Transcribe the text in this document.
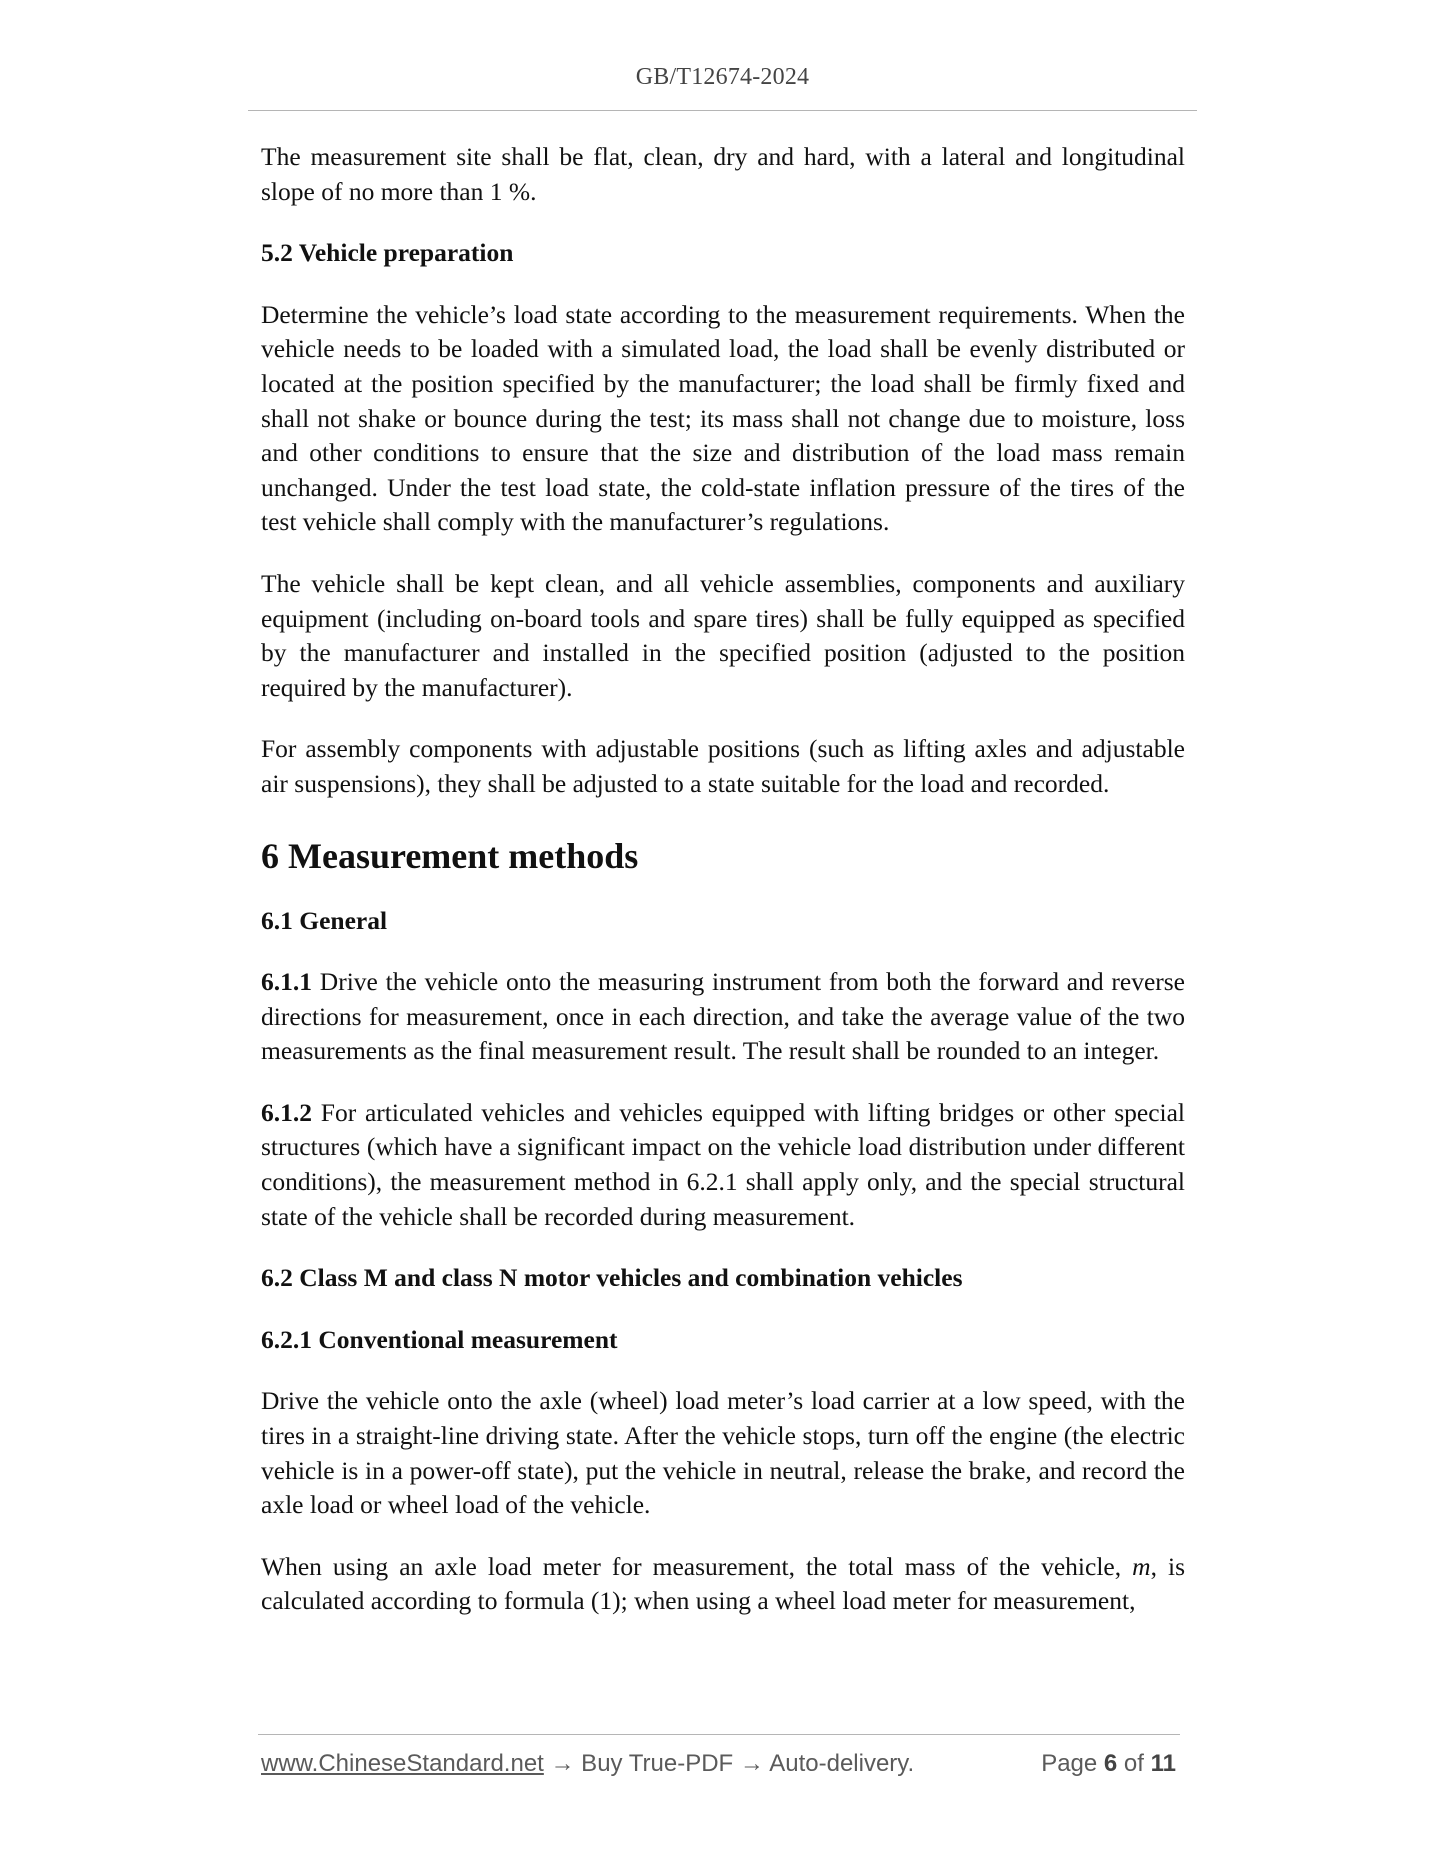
GB/T12674-2024

The measurement site shall be flat, clean, dry and hard, with a lateral and longitudinal slope of no more than 1 %.

5.2 Vehicle preparation

Determine the vehicle’s load state according to the measurement requirements. When the vehicle needs to be loaded with a simulated load, the load shall be evenly distributed or located at the position specified by the manufacturer; the load shall be firmly fixed and shall not shake or bounce during the test; its mass shall not change due to moisture, loss and other conditions to ensure that the size and distribution of the load mass remain unchanged. Under the test load state, the cold-state inflation pressure of the tires of the test vehicle shall comply with the manufacturer’s regulations.

The vehicle shall be kept clean, and all vehicle assemblies, components and auxiliary equipment (including on-board tools and spare tires) shall be fully equipped as specified by the manufacturer and installed in the specified position (adjusted to the position required by the manufacturer).

For assembly components with adjustable positions (such as lifting axles and adjustable air suspensions), they shall be adjusted to a state suitable for the load and recorded.

6 Measurement methods
6.1 General

6.1.1 Drive the vehicle onto the measuring instrument from both the forward and reverse directions for measurement, once in each direction, and take the average value of the two measurements as the final measurement result. The result shall be rounded to an integer.

6.1.2 For articulated vehicles and vehicles equipped with lifting bridges or other special structures (which have a significant impact on the vehicle load distribution under different conditions), the measurement method in 6.2.1 shall apply only, and the special structural state of the vehicle shall be recorded during measurement.

6.2 Class M and class N motor vehicles and combination vehicles
6.2.1 Conventional measurement

Drive the vehicle onto the axle (wheel) load meter’s load carrier at a low speed, with the tires in a straight-line driving state. After the vehicle stops, turn off the engine (the electric vehicle is in a power-off state), put the vehicle in neutral, release the brake, and record the axle load or wheel load of the vehicle.

When using an axle load meter for measurement, the total mass of the vehicle, m, is calculated according to formula (1); when using a wheel load meter for measurement,

www.ChineseStandard.net → Buy True-PDF → Auto-delivery.	Page 6 of 11
